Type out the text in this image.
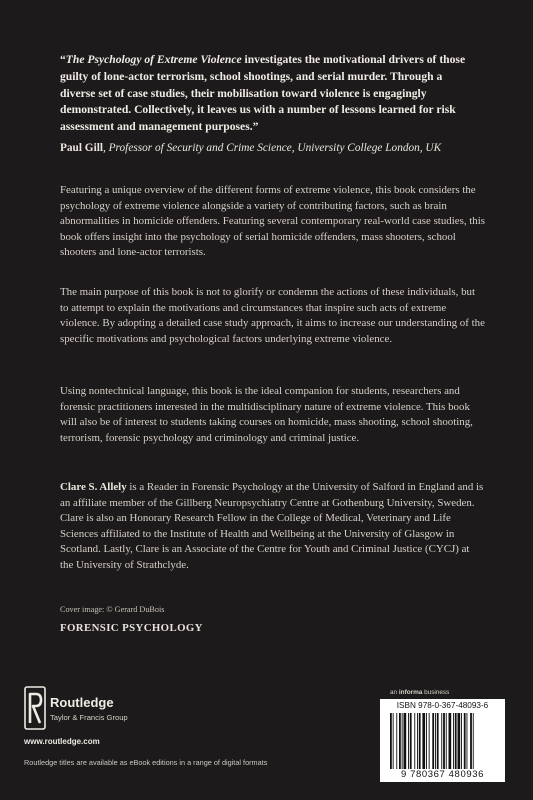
“The Psychology of Extreme Violence investigates the motivational drivers of those guilty of lone-actor terrorism, school shootings, and serial murder. Through a diverse set of case studies, their mobilisation toward violence is engagingly demonstrated. Collectively, it leaves us with a number of lessons learned for risk assessment and management purposes.”
Paul Gill, Professor of Security and Crime Science, University College London, UK
Featuring a unique overview of the different forms of extreme violence, this book considers the psychology of extreme violence alongside a variety of contributing factors, such as brain abnormalities in homicide offenders. Featuring several contemporary real-world case studies, this book offers insight into the psychology of serial homicide offenders, mass shooters, school shooters and lone-actor terrorists.
The main purpose of this book is not to glorify or condemn the actions of these individuals, but to attempt to explain the motivations and circumstances that inspire such acts of extreme violence. By adopting a detailed case study approach, it aims to increase our understanding of the specific motivations and psychological factors underlying extreme violence.
Using nontechnical language, this book is the ideal companion for students, researchers and forensic practitioners interested in the multidisciplinary nature of extreme violence. This book will also be of interest to students taking courses on homicide, mass shooting, school shooting, terrorism, forensic psychology and criminology and criminal justice.
Clare S. Allely is a Reader in Forensic Psychology at the University of Salford in England and is an affiliate member of the Gillberg Neuropsychiatry Centre at Gothenburg University, Sweden. Clare is also an Honorary Research Fellow in the College of Medical, Veterinary and Life Sciences affiliated to the Institute of Health and Wellbeing at the University of Glasgow in Scotland. Lastly, Clare is an Associate of the Centre for Youth and Criminal Justice (CYCJ) at the University of Strathclyde.
Cover image: © Gerard DuBois
FORENSIC PSYCHOLOGY
Routledge
Taylor & Francis Group
www.routledge.com
Routledge titles are available as eBook editions in a range of digital formats
an informa business
ISBN 978-0-367-48093-6
9 780367 480936
